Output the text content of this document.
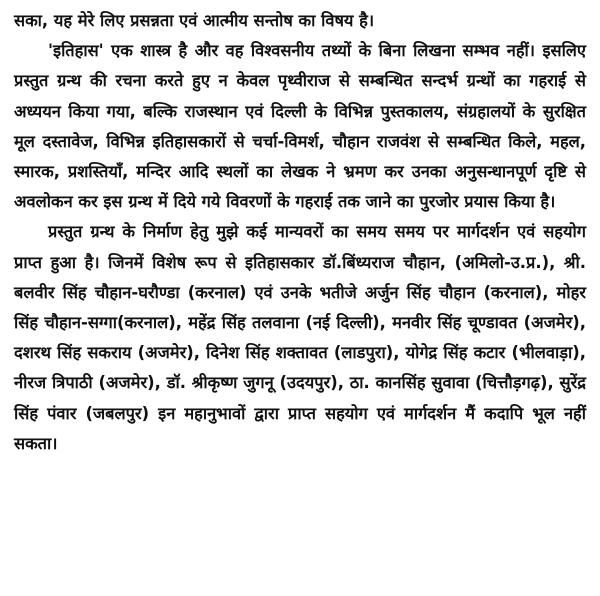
सका, यह मेरे लिए प्रसन्नता एवं आत्मीय सन्तोष का विषय है।

'इतिहास' एक शास्त्र है और वह विश्वसनीय तथ्यों के बिना लिखना सम्भव नहीं। इसलिए प्रस्तुत ग्रन्थ की रचना करते हुए न केवल पृथ्वीराज से सम्बन्धित सन्दर्भ ग्रन्थों का गहराई से अध्ययन किया गया, बल्कि राजस्थान एवं दिल्ली के विभिन्न पुस्तकालय, संग्रहालयों के सुरक्षित मूल दस्तावेज, विभिन्न इतिहासकारों से चर्चा-विमर्श, चौहान राजवंश से सम्बन्धित किले, महल, स्मारक, प्रशस्तियाँ, मन्दिर आदि स्थलों का लेखक ने भ्रमण कर उनका अनुसन्धानपूर्ण दृष्टि से अवलोकन कर इस ग्रन्थ में दिये गये विवरणों के गहराई तक जाने का पुरजोर प्रयास किया है।

प्रस्तुत ग्रन्थ के निर्माण हेतु मुझे कई मान्यवरों का समय समय पर मार्गदर्शन एवं सहयोग प्राप्त हुआ है। जिनमें विशेष रूप से इतिहासकार डॉ.बिंध्यराज चौहान, (अमिलो-उ.प्र.), श्री. बलवीर सिंह चौहान-घरौण्डा (करनाल) एवं उनके भतीजे अर्जुन सिंह चौहान (करनाल), मोहर सिंह चौहान-सग्गा(करनाल), महेंद्र सिंह तलवाना (नई दिल्ली), मनवीर सिंह चूण्डावत (अजमेर), दशरथ सिंह सकराय (अजमेर), दिनेश सिंह शक्तावत (लाडपुरा), योगेद्र सिंह कटार (भीलवाड़ा), नीरज त्रिपाठी (अजमेर), डॉ. श्रीकृष्ण जुगनू (उदयपुर), ठा. कानसिंह सुवावा (चित्तौड़गढ़), सुरेंद्र सिंह पंवार (जबलपुर) इन महानुभावों द्वारा प्राप्त सहयोग एवं मार्गदर्शन मैं कदापि भूल नहीं सकता।
